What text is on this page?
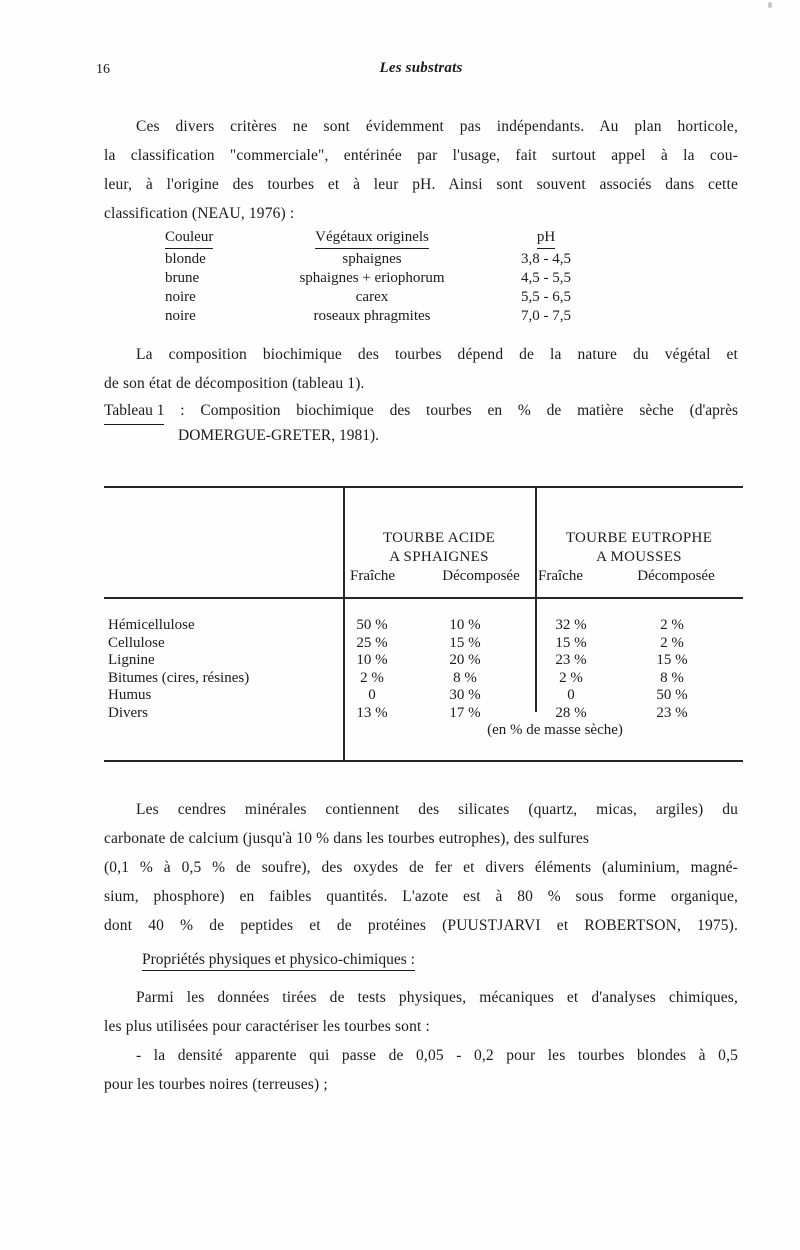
16	Les substrats
Ces divers critères ne sont évidemment pas indépendants. Au plan horticole,
la classification "commerciale", entérinée par l'usage, fait surtout appel à la cou-
leur, à l'origine des tourbes et à leur pH. Ainsi sont souvent associés dans cette
classification (NEAU, 1976) :
Couleur	Végétaux originels	pH
blonde	sphaignes	3,8 - 4,5
brune	sphaignes + eriophorum	4,5 - 5,5
noire	carex	5,5 - 6,5
noire	roseaux phragmites	7,0 - 7,5
La composition biochimique des tourbes dépend de la nature du végétal et
de son état de décomposition (tableau 1).
Tableau 1 : Composition biochimique des tourbes en % de matière sèche (d'après
DOMERGUE-GRETER, 1981).
TOURBE ACIDE
A SPHAIGNES
TOURBE EUTROPHE
A MOUSSES
Fraîche	Décomposée	Fraîche	Décomposée
Hémicellulose	50 %	10 %	32 %	2 %
Cellulose	25 %	15 %	15 %	2 %
Lignine	10 %	20 %	23 %	15 %
Bitumes (cires, résines)	2 %	8 %	2 %	8 %
Humus	0	30 %	0	50 %
Divers	13 %	17 %	28 %	23 %
(en % de masse sèche)
Les cendres minérales contiennent des silicates (quartz, micas, argiles) du
carbonate de calcium (jusqu'à 10 % dans les tourbes eutrophes), des sulfures
(0,1 % à 0,5 % de soufre), des oxydes de fer et divers éléments (aluminium, magné-
sium, phosphore) en faibles quantités. L'azote est à 80 % sous forme organique,
dont 40 % de peptides et de protéines (PUUSTJARVI et ROBERTSON, 1975).
Propriétés physiques et physico-chimiques :
Parmi les données tirées de tests physiques, mécaniques et d'analyses chimiques,
les plus utilisées pour caractériser les tourbes sont :
- la densité apparente qui passe de 0,05 - 0,2 pour les tourbes blondes à 0,5
pour les tourbes noires (terreuses) ;
